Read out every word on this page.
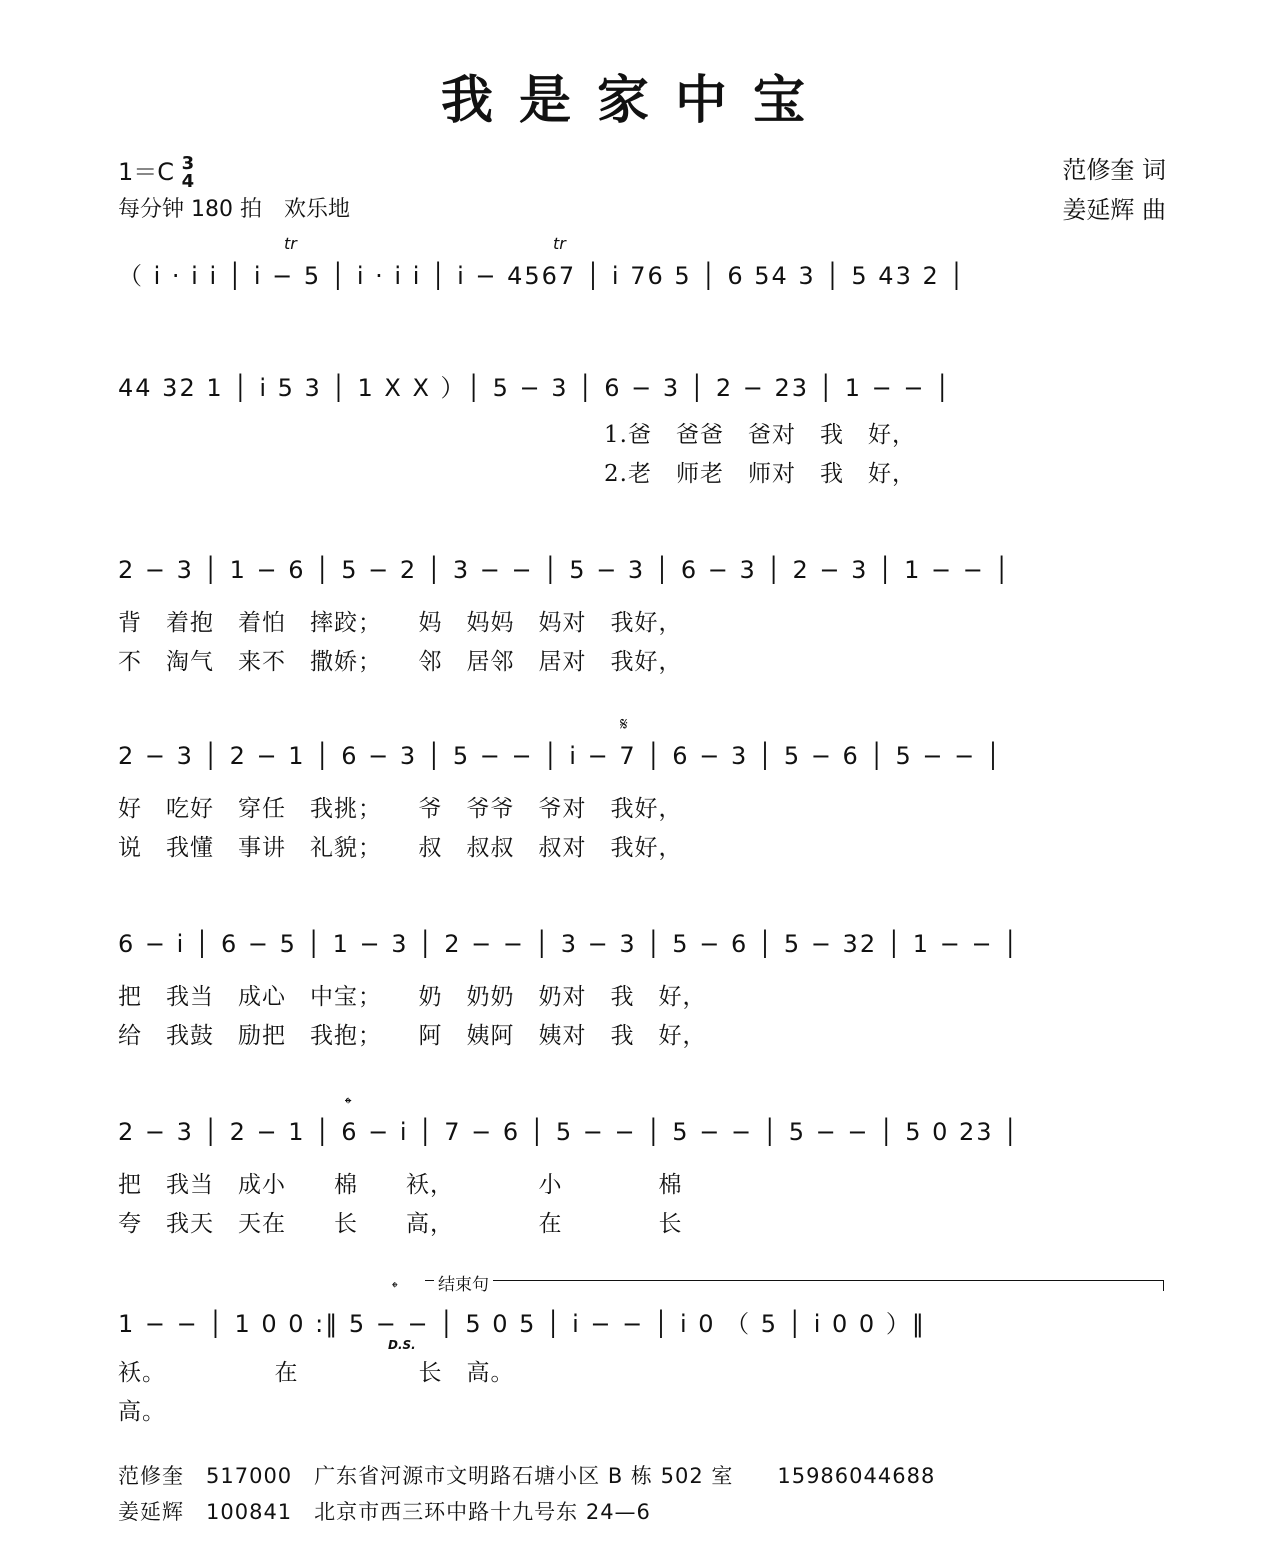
我是家中宝
1＝C 3
4
每分钟 180 拍　欢乐地
范修奎 词
姜延辉 曲
tr	tr
（ i · i i │ i − 5 │ i · i i │ i − 4567 │ i 76 5 │ 6 54 3 │ 5 43 2 │
44 32 1 │ i 5 3 │ 1 X X ）│ 5 − 3 │ 6 − 3 │ 2 − 23 │ 1 − − │
1.爸　爸爸　爸对　我　好，
2.老　师老　师对　我　好，
2 − 3 │ 1 − 6 │ 5 − 2 │ 3 − − │ 5 − 3 │ 6 − 3 │ 2 − 3 │ 1 − − │
背　着抱　着怕　摔跤；　　妈　妈妈　妈对　我好，
不　淘气　来不　撒娇；　　邻　居邻　居对　我好，
𝄋
2 − 3 │ 2 − 1 │ 6 − 3 │ 5 − − │ i − 7 │ 6 − 3 │ 5 − 6 │ 5 − − │
好　吃好　穿任　我挑；　　爷　爷爷　爷对　我好，
说　我懂　事讲　礼貌；　　叔　叔叔　叔对　我好，
6 − i │ 6 − 5 │ 1 − 3 │ 2 − − │ 3 − 3 │ 5 − 6 │ 5 − 32 │ 1 − − │
把　我当　成心　中宝；　　奶　奶奶　奶对　我　好，
给　我鼓　励把　我抱；　　阿　姨阿　姨对　我　好，
𝄌
2 − 3 │ 2 − 1 │ 6 − i │ 7 − 6 │ 5 − − │ 5 − − │ 5 − − │ 5 0 23 │
把　我当　成小　　棉　　袄，　　　　小　　　　棉
夸　我天　天在　　长　　高，　　　　在　　　　长
结束句
𝄌
1 − − │ 1 0 0 :‖ 5 − − │ 5 0 5 │ i − − │ i 0 （ 5 │ i 0 0 ）‖
D.S.
袄。　　　　　在　　　　　长　高。
高。
范修奎　517000　广东省河源市文明路石塘小区 B 栋 502 室　　15986044688
姜延辉　100841　北京市西三环中路十九号东 24—6
